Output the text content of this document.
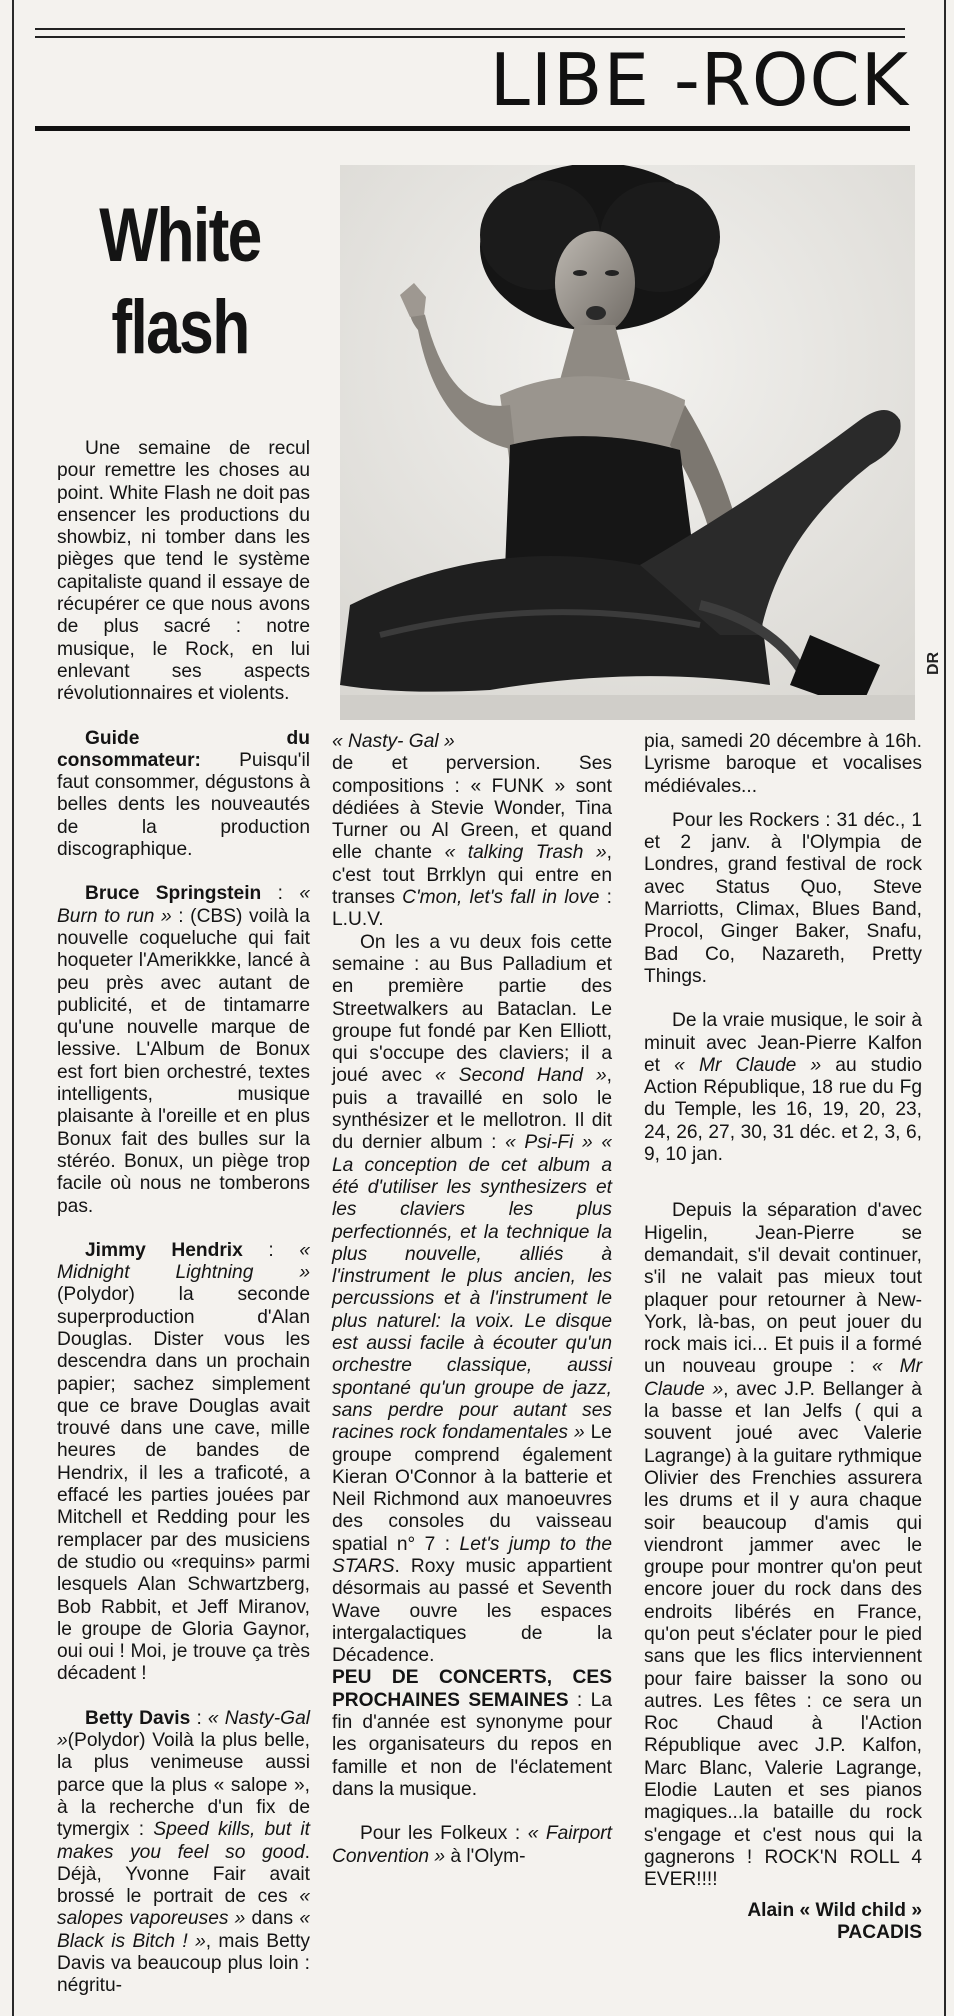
LIBE -ROCK
White
flash
DR

Une semaine de recul pour remettre les choses au point. White Flash ne doit pas ensencer les productions du showbiz, ni tomber dans les pièges que tend le système capitaliste quand il essaye de récupérer ce que nous avons de plus sacré : notre musique, le Rock, en lui enlevant ses aspects révolutionnaires et violents.

Guide du consommateur: Puisqu'il faut consommer, dégustons à belles dents les nouveautés de la production discographique.

Bruce Springstein : « Burn to run » : (CBS) voilà la nouvelle coqueluche qui fait hoqueter l'Amerikkke, lancé à peu près avec autant de publicité, et de tintamarre qu'une nouvelle marque de lessive. L'Album de Bonux est fort bien orchestré, textes intelligents, musique plaisante à l'oreille et en plus Bonux fait des bulles sur la stéréo. Bonux, un piège trop facile où nous ne tomberons pas.

Jimmy Hendrix : « Midnight Lightning » (Polydor) la seconde superproduction d'Alan Douglas. Dister vous les descendra dans un prochain papier; sachez simplement que ce brave Douglas avait trouvé dans une cave, mille heures de bandes de Hendrix, il les a traficoté, a effacé les parties jouées par Mitchell et Redding pour les remplacer par des musiciens de studio ou «requins» parmi lesquels Alan Schwartzberg, Bob Rabbit, et Jeff Miranov, le groupe de Gloria Gaynor, oui oui ! Moi, je trouve ça très décadent !

Betty Davis : « Nasty-Gal »(Polydor) Voilà la plus belle, la plus venimeuse aussi parce que la plus « salope », à la recherche d'un fix de tymergix : Speed kills, but it makes you feel so good. Déjà, Yvonne Fair avait brossé le portrait de ces « salopes vaporeuses » dans « Black is Bitch ! », mais Betty Davis va beaucoup plus loin : négritu-

« Nasty- Gal »

de et perversion. Ses compositions : « FUNK » sont dédiées à Stevie Wonder, Tina Turner ou Al Green, et quand elle chante « talking Trash », c'est tout Brrklyn qui entre en transes C'mon, let's fall in love : L.U.V.

On les a vu deux fois cette semaine : au Bus Palladium et en première partie des Streetwalkers au Bataclan. Le groupe fut fondé par Ken Elliott, qui s'occupe des claviers; il a joué avec « Second Hand », puis a travaillé en solo le synthésizer et le mellotron. Il dit du dernier album : « Psi-Fi » « La conception de cet album a été d'utiliser les synthesizers et les claviers les plus perfectionnés, et la technique la plus nouvelle, alliés à l'instrument le plus ancien, les percussions et à l'instrument le plus naturel: la voix. Le disque est aussi facile à écouter qu'un orchestre classique, aussi spontané qu'un groupe de jazz, sans perdre pour autant ses racines rock fondamentales » Le groupe comprend également Kieran O'Connor à la batterie et Neil Richmond aux manoeuvres des consoles du vaisseau spatial n° 7 : Let's jump to the STARS. Roxy music appartient désormais au passé et Seventh Wave ouvre les espaces intergalactiques de la Décadence.

PEU DE CONCERTS, CES PROCHAINES SEMAINES : La fin d'année est synonyme pour les organisateurs du repos en famille et non de l'éclatement dans la musique.

Pour les Folkeux : « Fairport Convention » à l'Olym-

pia, samedi 20 décembre à 16h. Lyrisme baroque et vocalises médiévales...

Pour les Rockers : 31 déc., 1 et 2 janv. à l'Olympia de Londres, grand festival de rock avec Status Quo, Steve Marriotts, Climax, Blues Band, Procol, Ginger Baker, Snafu, Bad Co, Nazareth, Pretty Things.

De la vraie musique, le soir à minuit avec Jean-Pierre Kalfon et « Mr Claude » au studio Action République, 18 rue du Fg du Temple, les 16, 19, 20, 23, 24, 26, 27, 30, 31 déc. et 2, 3, 6, 9, 10 jan.

Depuis la séparation d'avec Higelin, Jean-Pierre se demandait, s'il devait continuer, s'il ne valait pas mieux tout plaquer pour retourner à New-York, là-bas, on peut jouer du rock mais ici... Et puis il a formé un nouveau groupe : « Mr Claude », avec J.P. Bellanger à la basse et Ian Jelfs ( qui a souvent joué avec Valerie Lagrange) à la guitare rythmique Olivier des Frenchies assurera les drums et il y aura chaque soir beaucoup d'amis qui viendront jammer avec le groupe pour montrer qu'on peut encore jouer du rock dans des endroits libérés en France, qu'on peut s'éclater pour le pied sans que les flics interviennent pour faire baisser la sono ou autres. Les fêtes : ce sera un Roc Chaud à l'Action République avec J.P. Kalfon, Marc Blanc, Valerie Lagrange, Elodie Lauten et ses pianos magiques...la bataille du rock s'engage et c'est nous qui la gagnerons ! ROCK'N ROLL 4 EVER!!!!

Alain « Wild child »

PACADIS
